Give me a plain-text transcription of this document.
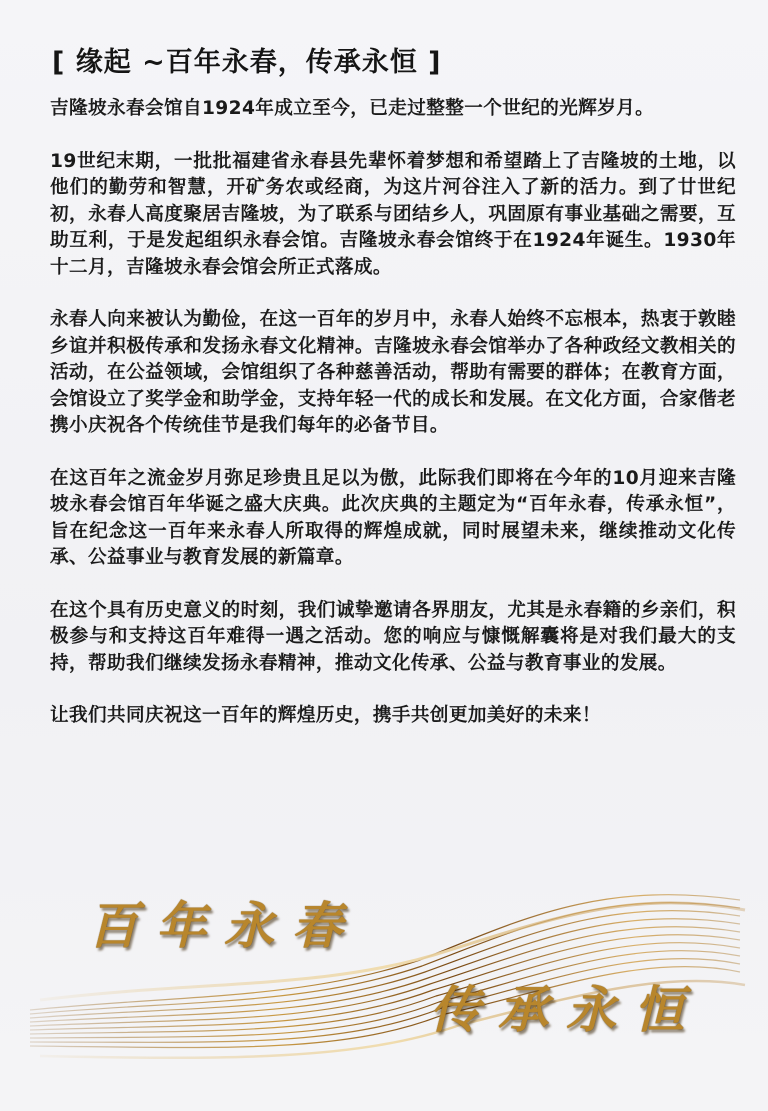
[ 缘起 ~百年永春，传承永恒 ]

吉隆坡永春会馆自1924年成立至今，已走过整整一个世纪的光辉岁月。

19世纪末期，一批批福建省永春县先辈怀着梦想和希望踏上了吉隆坡的土地，以他们的勤劳和智慧，开矿务农或经商，为这片河谷注入了新的活力。到了廿世纪初，永春人高度聚居吉隆坡，为了联系与团结乡人，巩固原有事业基础之需要，互助互利，于是发起组织永春会馆。吉隆坡永春会馆终于在1924年诞生。1930年十二月，吉隆坡永春会馆会所正式落成。

永春人向来被认为勤俭，在这一百年的岁月中，永春人始终不忘根本，热衷于敦睦乡谊并积极传承和发扬永春文化精神。吉隆坡永春会馆举办了各种政经文教相关的活动，在公益领域，会馆组织了各种慈善活动，帮助有需要的群体；在教育方面，会馆设立了奖学金和助学金，支持年轻一代的成长和发展。在文化方面，合家偕老携小庆祝各个传统佳节是我们每年的必备节目。

在这百年之流金岁月弥足珍贵且足以为傲，此际我们即将在今年的10月迎来吉隆坡永春会馆百年华诞之盛大庆典。此次庆典的主题定为“百年永春，传承永恒”，旨在纪念这一百年来永春人所取得的辉煌成就，同时展望未来，继续推动文化传承、公益事业与教育发展的新篇章。

在这个具有历史意义的时刻，我们诚挚邀请各界朋友，尤其是永春籍的乡亲们，积极参与和支持这百年难得一遇之活动。您的响应与慷慨解囊将是对我们最大的支持，帮助我们继续发扬永春精神，推动文化传承、公益与教育事业的发展。

让我们共同庆祝这一百年的辉煌历史，携手共创更加美好的未来！

百年永春
传承永恒
